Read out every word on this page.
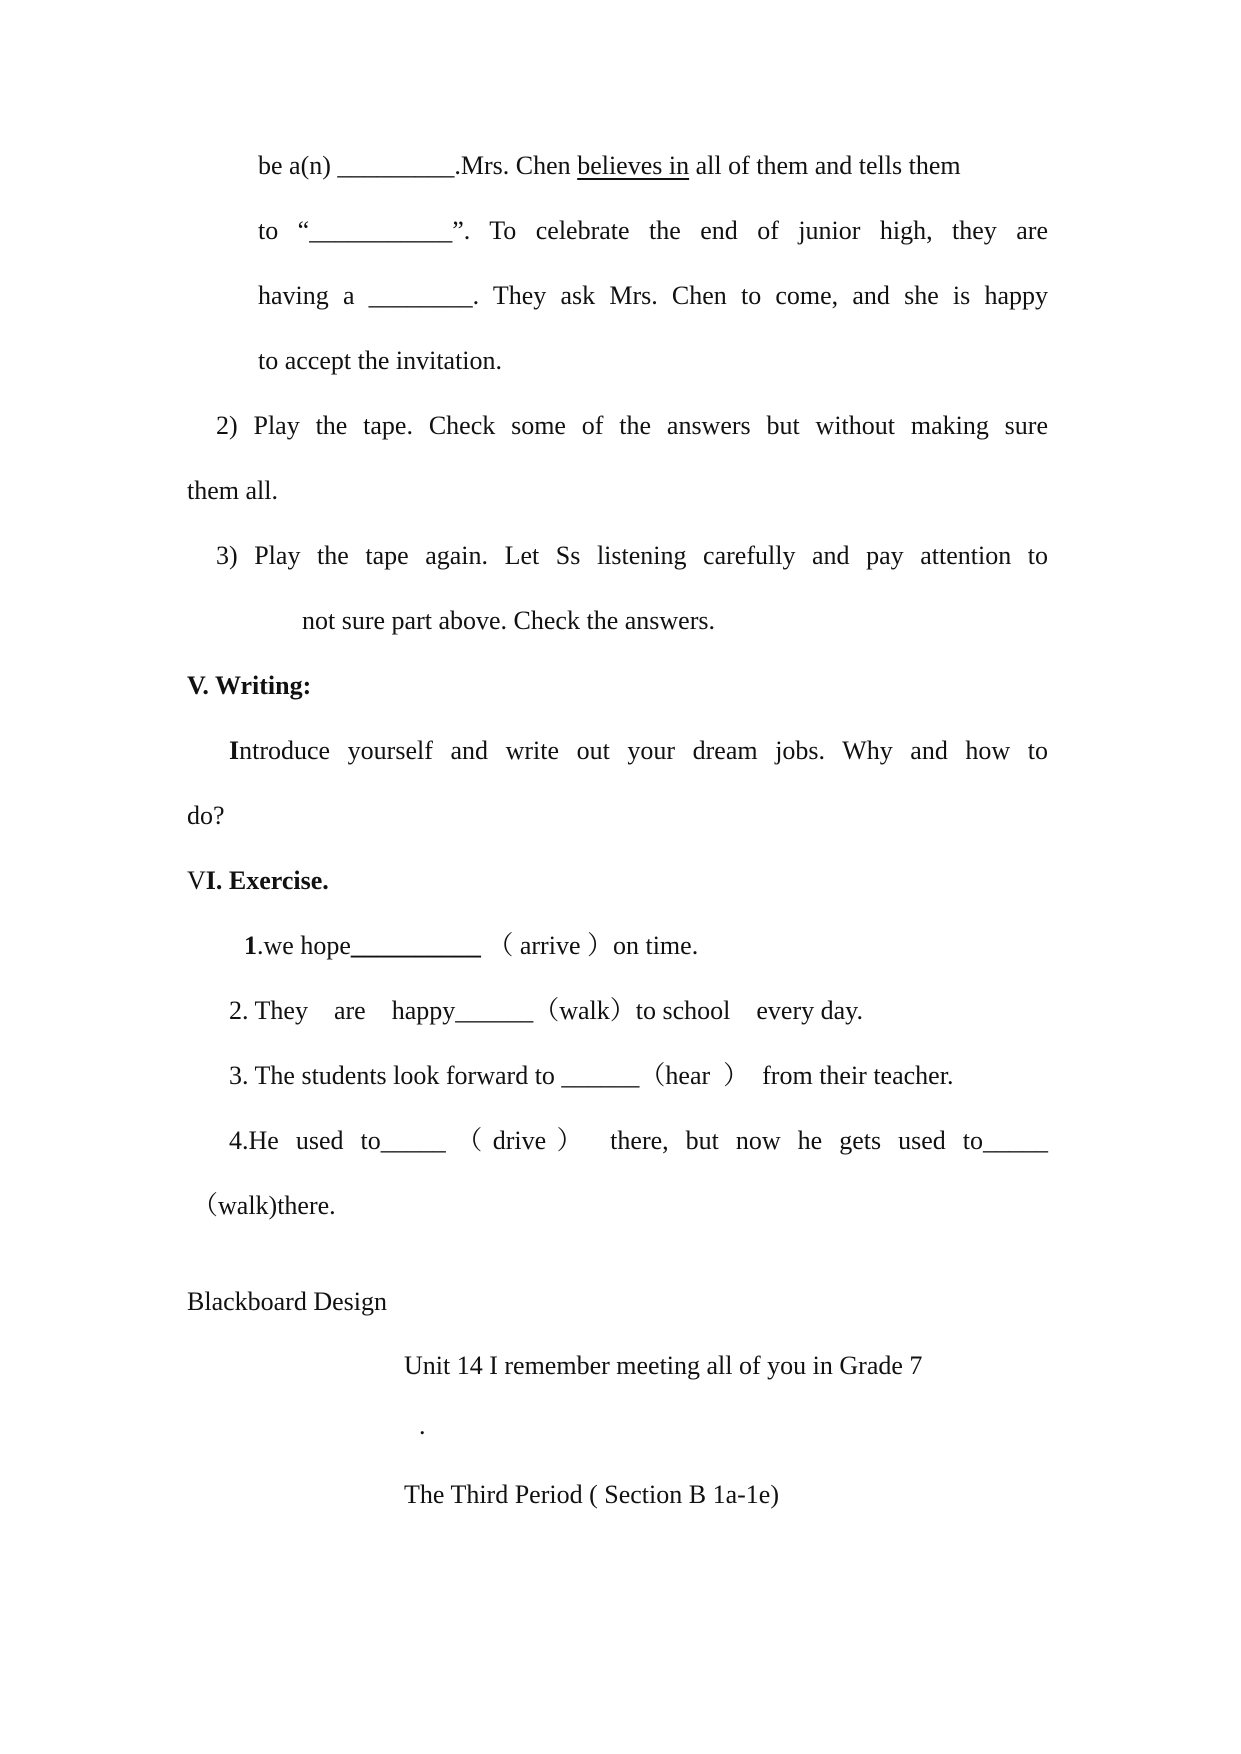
be a(n) _________.Mrs. Chen believes in all of them and tells them
to “___________”. To celebrate the end of junior high, they are
having a ________. They ask Mrs. Chen to come, and she is happy
to accept the invitation.
2) Play the tape. Check some of the answers but without making sure
them all.
3) Play the tape again. Let Ss listening carefully and pay attention to
not sure part above. Check the answers.
V. Writing:
Introduce yourself and write out your dream jobs. Why and how to
do?
VI. Exercise.
1.we hope__________ （ arrive ）on time.
2. They    are    happy______（walk）to school    every day.
3. The students look forward to ______（hear  ）  from their teacher.
4.He used to_____（drive） there, but now he gets used to_____
（walk)there.
Blackboard Design
Unit 14 I remember meeting all of you in Grade 7
.
The Third Period ( Section B 1a-1e)
